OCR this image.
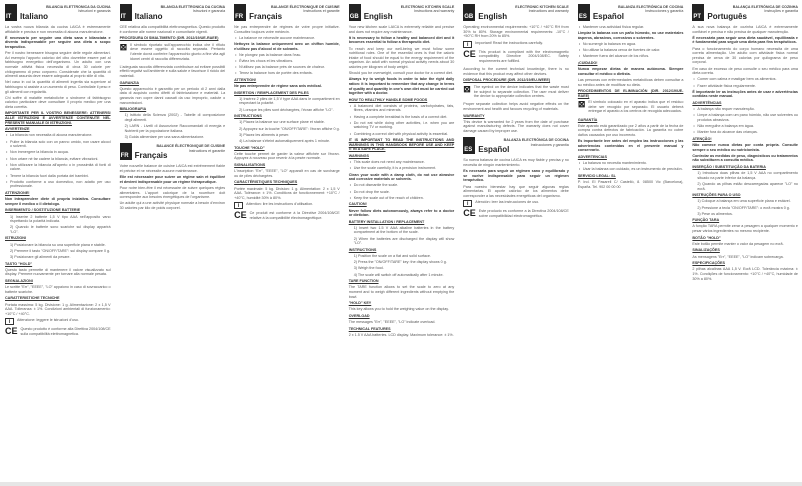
IT	Italiano
BILANCIA ELETTRONICA DA CUCINA
Istruzioni e garanzia
La vostra nuova bilancia da cucina LAICA è estremamente affidabile e precisa e non necessita di alcuna manutenzione.
È necessario per seguire una dieta sana e bilanciata e diventa indispensabile per seguire una dieta a scopo terapeutico.
Per il nostro benessere bisogna seguire delle regole alimentari. Ad esempio l'apporto calorico del cibo dovrebbe essere pari al fabbisogno energetico dell'organismo. Un adulto con una normale attività fisica necessita di circa 30 calorie per chilogrammo di peso corporeo. Considerate che la quantità di alimenti assunta deve essere adeguata al proprio stile di vita.
Nel caso in cui la quantità di alimenti ingerita sia superiore al fabbisogno si assiste a un aumento di peso. Controllate il peso e gli alimenti con regolarità.
Chi soffre di malattie metaboliche o sindrome di fabbisogno calorico particolare deve consultare il proprio medico per una dieta corretta.
IMPORTANTE PER IL VOSTRO BENESSERE: ATTENERSI ALLE ISTRUZIONI E AVVERTENZE CONTENUTE NEL PRESENTE MANUALE DI ISTRUZIONI.
AVVERTENZE
• La bilancia non necessita di alcuna manutenzione.
• Pulire la bilancia solo con un panno umido, non usare alcool o solventi.
• Non immergere la bilancia in acqua.
• Non urtare né far cadere la bilancia, evitare vibrazioni.
• Non utilizzare la bilancia all'aperto o in prossimità di fonti di calore.
• Tenere la bilancia fuori dalla portata dei bambini.
• Prodotto conforme a uso domestico, non adatto per uso professionale.
ATTENZIONE!
Non intraprendere diete di propria iniziativa. Consultare sempre il medico o il dietologo.
INSERIMENTO / SOSTITUZIONE BATTERIE
1) Inserire 2 batterie 1,5 V tipo AAA nell'apposito vano rispettando la polarità indicata.
2) Quando le batterie sono scariche sul display apparirà "LO".
ISTRUZIONI
1) Posizionare la bilancia su una superficie piana e stabile.
2) Premere il tasto "ON/OFF/TARE": sul display compare 0 g.
3) Posizionare gli alimenti da pesare.
TASTO "HOLD"
Questo tasto permette di mantenere il valore visualizzato sul display. Premere nuovamente per tornare alla normale pesata.
SEGNALAZIONI
Le scritte "Err", "EEEE", "LO" appaiono in caso di sovraccarico o batterie scariche.
CARATTERISTICHE TECNICHE
Portata massima: 5 kg. Divisione: 1 g. Alimentazione: 2 x 1,5 V AAA. Tolleranza: ± 1%. Condizioni ambientali di funzionamento: +10°C / +40°C.
i	Attenzione: leggere le istruzioni d'uso.
CE Questo prodotto è conforme alla Direttiva 2004/108/CE sulla compatibilità elettromagnetica.
IT	Italiano
BILANCIA ELETTRONICA DA CUCINA
Istruzioni e garanzia
CEE relativa alla compatibilità elettromagnetica. Questo prodotto è conforme alle norme nazionali e comunitarie vigenti.
PROCEDURA DI SMALTIMENTO (DIR. 2012/19/UE-RAEE)
⊠ Il simbolo riportato sull'apparecchio indica che il rifiuto deve essere oggetto di raccolta separata. Pertanto l'utente dovrà conferire l'apparecchio giunto a fine vita agli idonei centri di raccolta differenziata.
L'adeguata raccolta differenziata contribuisce ad evitare possibili effetti negativi sull'ambiente e sulla salute e favorisce il riciclo dei materiali.
GARANZIA
Questo apparecchio è garantito per un periodo di 2 anni dalla data di acquisto contro difetti di fabbricazione e materiali. La garanzia non copre danni causati da uso improprio, cadute o manomissioni.
BIBLIOGRAFIA
1) Istituto della Scienza (2002) - Tabelle di composizione degli alimenti.
2) LARN - Livelli di Assunzione Raccomandati di energia e Nutrienti per la popolazione italiana.
3) Guida alimentare per una sana alimentazione.
FR Français
BALANCE ÉLECTRONIQUE DE CUISINE
Instructions et garantie
Votre nouvelle balance de cuisine LAICA est extrêmement fiable et précise et ne nécessite aucune maintenance.
Elle est nécessaire pour suivre un régime sain et équilibré et devient indispensable pour un régime thérapeutique.
Pour notre bien-être il est nécessaire de suivre quelques règles alimentaires. L'apport calorique de la nourriture doit correspondre aux besoins énergétiques de l'organisme.
Un adulte qui a une activité physique normale a besoin d'environ 30 calories par kilo de poids corporel.
FR Français
BALANCE ÉLECTRONIQUE DE CUISINE
Instructions et garantie
Ne pas entreprendre de régimes de votre propre initiative. Consultez toujours votre médecin.
• La balance ne nécessite aucune maintenance.
Nettoyez la balance uniquement avec un chiffon humide, n'utilisez pas d'alcool ni de solvants.
• Ne plongez pas la balance dans l'eau.
• Évitez les chocs et les vibrations.
• N'utilisez pas la balance près de sources de chaleur.
• Tenez la balance hors de portée des enfants.
ATTENTION!
Ne pas entreprendre de régime sans avis médical.
INSERTION / REMPLACEMENT DES PILES
1) Insérez 2 piles de 1,5 V type AAA dans le compartiment en respectant la polarité.
2) Lorsque les piles sont déchargées, l'écran affiche "LO".
INSTRUCTIONS
1) Placez la balance sur une surface plane et stable.
2) Appuyez sur la touche "ON/OFF/TARE": l'écran affiche 0 g.
3) Placez les aliments à peser.
4) La balance s'éteint automatiquement après 1 minute.
TOUCHE "HOLD"
Cette touche permet de garder la valeur affichée sur l'écran. Appuyez à nouveau pour revenir à la pesée normale.
SIGNALISATIONS
L'inscription "Err", "EEEE", "LO" apparaît en cas de surcharge ou de piles déchargées.
CARACTÉRISTIQUES TECHNIQUES
Portée maximale: 5 kg. Division: 1 g. Alimentation: 2 x 1,5 V AAA. Tolérance: ± 1%. Conditions de fonctionnement: +10°C / +40°C, humidité 30% à 80%.
i	Attention: lire les instructions d'utilisation.
CE Ce produit est conforme à la Directive 2004/108/CE relative à la compatibilité électromagnétique.
GB English
ELECTRONIC KITCHEN SCALE
Instructions and warranty
Your new kitchen scale LAICA is extremely reliable and precise and does not require any maintenance.
It is necessary to follow a healthy and balanced diet and it becomes essential to follow a therapeutic diet.
To reach and keep our well-being we must follow some nutritional rules. One of the essential ones is that the caloric intake of food should be equal to the energy requirement of the organism. An adult with normal physical activity needs about 30 calories per kilogram of body weight.
Should you be overweight, consult your doctor for a correct diet.
Always try to weigh foods in order to take the right daily ration: it is important to remember that any change in terms of quality and quantity in one's own diet must be carried out together with a doctor.
HOW TO HEALTHILY HANDLE SOME FOODS
• A balanced diet consists of proteins, carbohydrates, fats, fibres, vitamins and minerals.
• Having a complete breakfast is the basis of a correct diet.
• Do not eat while doing other activities, i.e. when you are watching TV or working.
• Combining a correct diet with physical activity is essential.
IT IS IMPORTANT TO READ THE INSTRUCTIONS AND WARNINGS IN THIS HANDBOOK BEFORE USE AND KEEP IT IN A SAFE PLACE.
WARNINGS
• This scale does not need any maintenance.
• Use the scale carefully, it is a precision instrument.
Clean your scale with a damp cloth, do not use abrasive and corrosive materials or solvents.
• Do not dismantle the scale.
• Do not drop the scale.
• Keep the scale out of the reach of children.
CAUTION!
Never follow diets autonomously, always refer to a doctor or dietician.
BATTERY INSTALLATION / REPLACEMENT
1) Insert two 1.5 V AAA alkaline batteries in the battery compartment at the bottom of the scale.
2) When the batteries are discharged the display will show "LO".
INSTRUCTIONS
1) Position the scale on a flat and solid surface.
2) Press the "ON/OFF/TARE" key: the display shows 0 g.
3) Weigh the food.
4) The scale will switch off automatically after 1 minute.
TARE FUNCTION
The TARE function allows to set the scale to zero at any moment and to weigh different ingredients without emptying the bowl.
"HOLD" KEY
This key allows you to hold the weighing value on the display.
OVERLOAD
The messages "Err", "EEEE", "LO" indicate overload.
TECHNICAL FEATURES
2 x 1.5 V AAA batteries. LCD display. Maximum tolerance: ± 1%.
GB English
ELECTRONIC KITCHEN SCALE
Instructions and warranty
Operating environmental requirements: +10°C / +40°C RH from 30% to 80%. Storage environmental requirements: -10°C / +50°C RH from 20% to 85%.
i	Important! Read the instructions carefully.
CE This product is compliant with the electromagnetic compatibility Directive 2004/108/EC. Safety requirements are fulfilled.
According to the current technical knowledge, there is no evidence that this product may affect other devices.
DISPOSAL PROCEDURE (DIR. 2012/19/EU-WEEE)
⊠ The symbol on the device indicates that the waste must be subject to separate collection. The user must deliver the device to appropriate collection centres.
Proper separate collection helps avoid negative effects on the environment and health and favours recycling of materials.
WARRANTY
This device is warranted for 2 years from the date of purchase against manufacturing defects. The warranty does not cover damage caused by improper use.
ES Español
BALANZA ELECTRÓNICA DE COCINA
Instrucciones y garantía
Su nueva balanza de cocina LAICA es muy fiable y precisa y no necesita de ningún mantenimiento.
Es necesaria para seguir un régimen sano y equilibrado y se vuelve indispensable para seguir un régimen terapéutico.
Para nuestro bienestar hay que seguir algunas reglas alimentarias. El aporte calórico de los alimentos debe corresponder a las necesidades energéticas del organismo.
i	Atención: leer las instrucciones de uso.
CE Este producto es conforme a la Directiva 2004/108/CE sobre compatibilidad electromagnética.
ES Español
BALANZA ELECTRÓNICA DE COCINA
Instrucciones y garantía
• Mantener una actividad física regular.
Limpiar la balanza con un paño húmedo, no use materiales ásperos, abrasivos, corrosivos o solventes.
• No sumergir la balanza en agua.
• No utilizar la balanza cerca de fuentes de calor.
• Mantener fuera del alcance de los niños.
¡CUIDADO!
Nunca empezar dietas de manera autónoma. Siempre consultar el médico o dietista.
Las personas con enfermedades metabólicas deben consultar a su médico antes de modificar su dieta.
PROCEDIMIENTOS DE ELIMINACIÓN (DIR. 2012/19/UE-RAEE)
⊠ El símbolo colocado en el aparato indica que el residuo debe ser recogido por separado. El usuario deberá entregar el aparato a los centros de recogida adecuados.
GARANTÍA
Este aparato está garantizado por 2 años a partir de la fecha de compra contra defectos de fabricación. La garantía no cubre daños causados por uso incorrecto.
Es importante leer antes del empleo las instrucciones y las advertencias contenidas en el presente manual y conservarlo.
ADVERTENCIAS
• La balanza no necesita mantenimiento.
• Usar la balanza con cuidado, es un instrumento de precisión.
SERVICIO LEGAL: SL
P. Ind. El Pasarell C/ Castelló, 8. 08500 Vic (Barcelona), España. Tel. 902 00 00 00
PT Português
BALANÇA ELETRÓNICA DE COZINHA
Instruções e garantia
A sua nova balança de cozinha LAICA é extremamente confiável e precisa e não precisa de qualquer manutenção.
É necessária para seguir uma dieta saudável, equilibrada e é fundamental para seguir uma dieta para fins terapêuticos.
Para o funcionamento do corpo humano necessita de uma correta alimentação. Um adulto com atividade física normal precisa de cerca de 30 calorias por quilograma de peso corporal.
Em caso de excesso de peso consulte o seu médico para uma dieta correta.
• Comer com calma e mastigar bem os alimentos.
• Fazer atividade física regularmente.
É importante ler as instruções antes de usar e advertências contidas neste manual.
ADVERTÊNCIAS
• A balança não requer manutenção.
• Limpe a balança com um pano húmido, não use solventes ou produtos abrasivos.
• Não mergulhe a balança em água.
• Manter fora do alcance das crianças.
ATENÇÃO!
Não comece nunca dietas por conta própria. Consulte sempre o seu médico ou nutricionista.
Controlar as medidas de peso, diagnósticos ou tratamentos não substituem a consulta médica.
INSERÇÃO / SUBSTITUIÇÃO DA BATERIA
1) Introduza duas pilhas de 1,5 V AAA no compartimento situado na parte inferior da balança.
2) Quando as pilhas estão descarregadas aparece "LO" no ecrã.
INSTRUÇÕES PARA O USO
1) Coloque a balança em uma superfície plana e estável.
2) Pressione a tecla "ON/OFF/TARE": o ecrã mostra 0 g.
3) Pese os alimentos.
FUNÇÃO TARA
A função TARA permite zerar a pesagem a qualquer momento e pesar vários ingredientes no mesmo recipiente.
BOTÃO "HOLD"
Este botão permite manter o valor da pesagem no ecrã.
SINALIZAÇÕES
As mensagens "Err", "EEEE", "LO" indicam sobrecarga.
ESPECIFICAÇÕES
2 pilhas alcalinas AAA 1,5 V. Ecrã LCD. Tolerância máxima: ± 1%. Condições de funcionamento: +10°C / +40°C, humidade de 30% a 80%.
